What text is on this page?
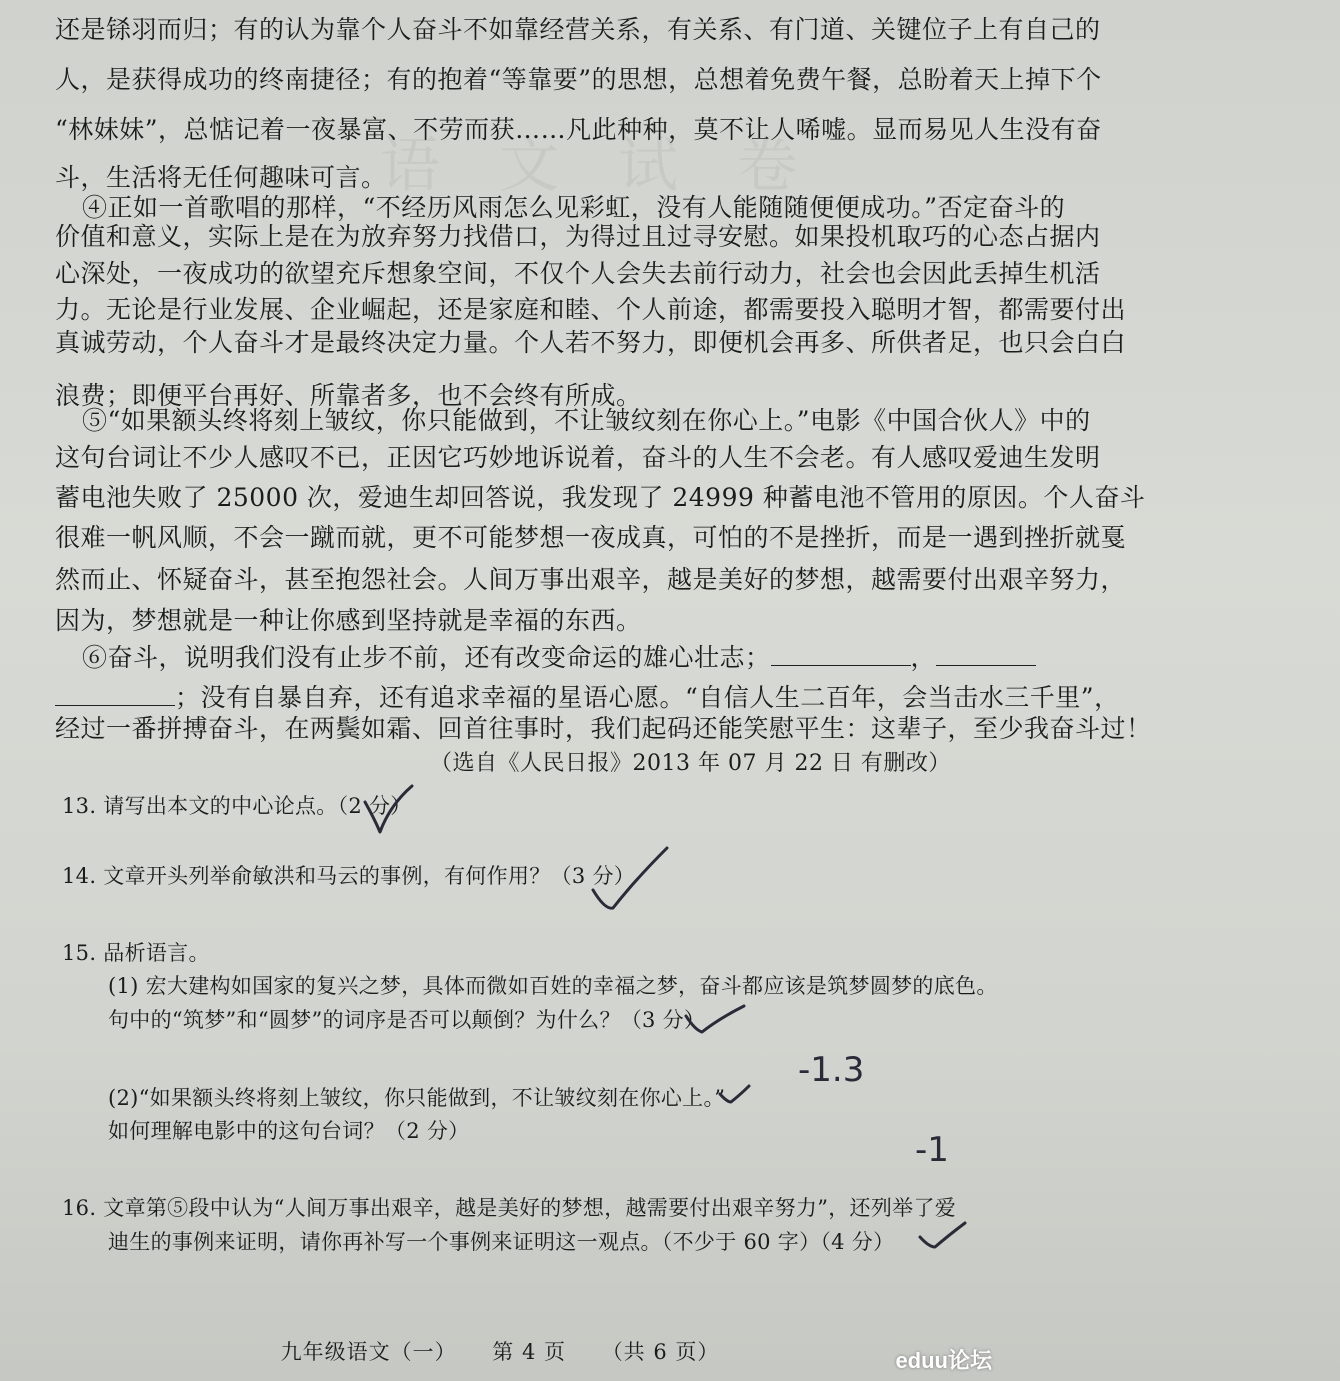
语 文 试 卷
还是铩羽而归；有的认为靠个人奋斗不如靠经营关系，有关系、有门道、关键位子上有自己的
人，是获得成功的终南捷径；有的抱着“等靠要”的思想，总想着免费午餐，总盼着天上掉下个
“林妹妹”，总惦记着一夜暴富、不劳而获……凡此种种，莫不让人唏嘘。显而易见人生没有奋
斗，生活将无任何趣味可言。
④正如一首歌唱的那样，“不经历风雨怎么见彩虹，没有人能随随便便成功。”否定奋斗的
价值和意义，实际上是在为放弃努力找借口，为得过且过寻安慰。如果投机取巧的心态占据内
心深处，一夜成功的欲望充斥想象空间，不仅个人会失去前行动力，社会也会因此丢掉生机活
力。无论是行业发展、企业崛起，还是家庭和睦、个人前途，都需要投入聪明才智，都需要付出
真诚劳动，个人奋斗才是最终决定力量。个人若不努力，即便机会再多、所供者足，也只会白白
浪费；即便平台再好、所靠者多，也不会终有所成。
⑤“如果额头终将刻上皱纹，你只能做到，不让皱纹刻在你心上。”电影《中国合伙人》中的
这句台词让不少人感叹不已，正因它巧妙地诉说着，奋斗的人生不会老。有人感叹爱迪生发明
蓄电池失败了 25000 次，爱迪生却回答说，我发现了 24999 种蓄电池不管用的原因。个人奋斗
很难一帆风顺，不会一蹴而就，更不可能梦想一夜成真，可怕的不是挫折，而是一遇到挫折就戛
然而止、怀疑奋斗，甚至抱怨社会。人间万事出艰辛，越是美好的梦想，越需要付出艰辛努力，
因为，梦想就是一种让你感到坚持就是幸福的东西。
⑥奋斗，说明我们没有止步不前，还有改变命运的雄心壮志；	，
；没有自暴自弃，还有追求幸福的星语心愿。“自信人生二百年，会当击水三千里”，
经过一番拼搏奋斗，在两鬓如霜、回首往事时，我们起码还能笑慰平生：这辈子，至少我奋斗过！
（选自《人民日报》2013 年 07 月 22 日 有删改）
13. 请写出本文的中心论点。（2 分）
14. 文章开头列举俞敏洪和马云的事例，有何作用？（3 分）
15. 品析语言。
(1) 宏大建构如国家的复兴之梦，具体而微如百姓的幸福之梦，奋斗都应该是筑梦圆梦的底色。
句中的“筑梦”和“圆梦”的词序是否可以颠倒？为什么？（3 分）
(2)“如果额头终将刻上皱纹，你只能做到，不让皱纹刻在你心上。”
如何理解电影中的这句台词？（2 分）
16. 文章第⑤段中认为“人间万事出艰辛，越是美好的梦想，越需要付出艰辛努力”，还列举了爱
迪生的事例来证明，请你再补写一个事例来证明这一观点。（不少于 60 字）（4 分）
-1.3
-1
九年级语文（一） 第 4 页 （共 6 页）	eduu论坛
